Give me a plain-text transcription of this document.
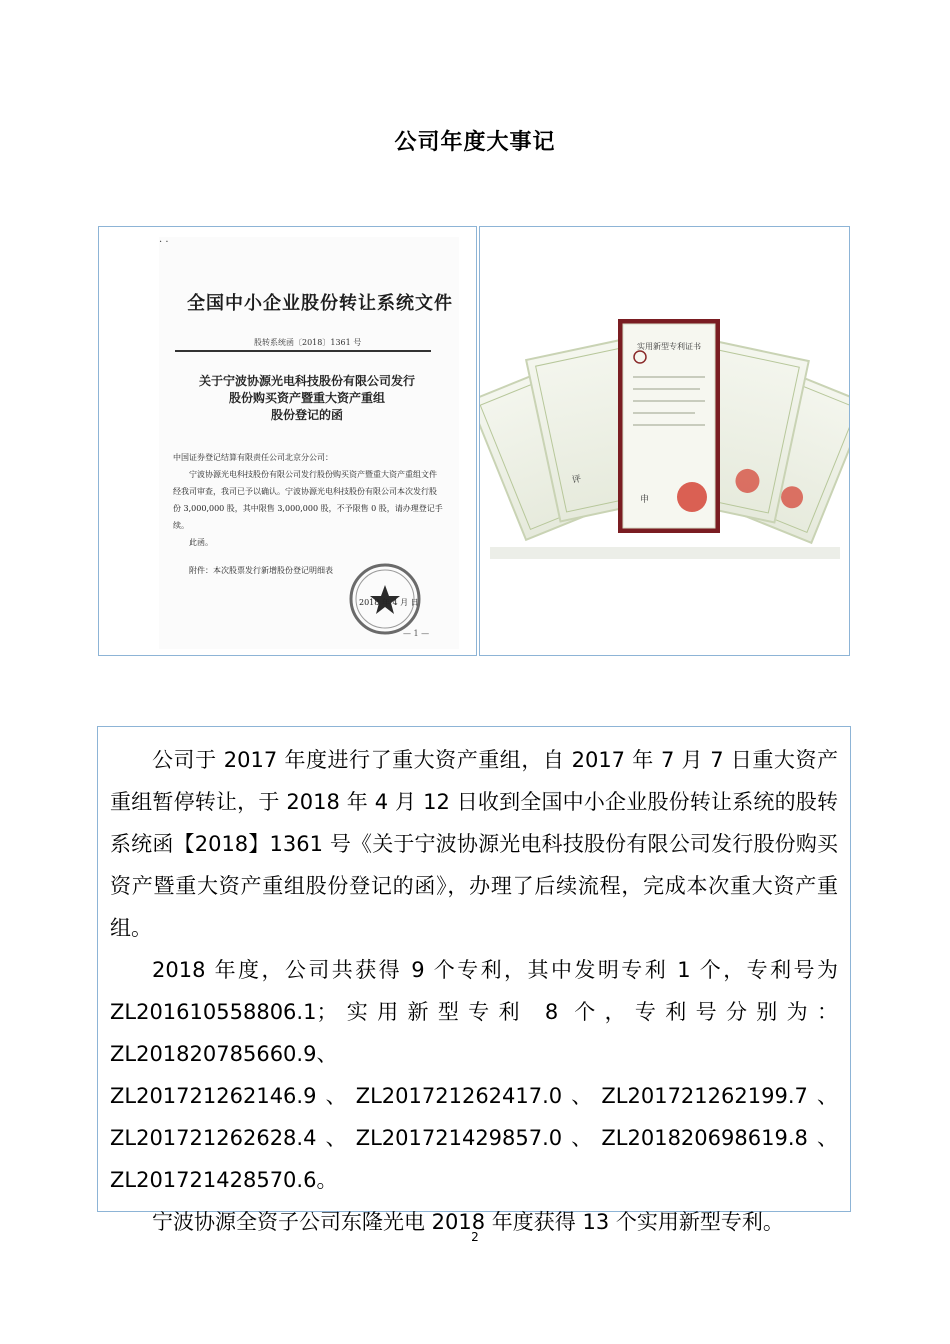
公司年度大事记
· ·
全国中小企业股份转让系统文件
股转系统函〔2018〕1361 号
关于宁波协源光电科技股份有限公司发行
股份购买资产暨重大资产重组
股份登记的函

中国证券登记结算有限责任公司北京分公司：

宁波协源光电科技股份有限公司发行股份购买资产暨重大资产重组文件经我司审查，我司已予以确认。宁波协源光电科技股份有限公司本次发行股份 3,000,000 股，其中限售 3,000,000 股，不予限售 0 股，请办理登记手续。

此函。

附件：本次股票发行新增股份登记明细表
2018 年 4 月 日
— 1 —
评
实用新型专利证书
申

公司于 2017 年度进行了重大资产重组，自 2017 年 7 月 7 日重大资产重组暂停转让，于 2018 年 4 月 12 日收到全国中小企业股份转让系统的股转系统函【2018】1361 号《关于宁波协源光电科技股份有限公司发行股份购买资产暨重大资产重组股份登记的函》，办理了后续流程，完成本次重大资产重组。

2018 年度，公司共获得 9 个专利，其中发明专利 1 个，专利号为 ZL201610558806.1；实用新型专利 8 个，专利号分别为：ZL201820785660.9、

ZL201721262146.9 、 ZL201721262417.0 、 ZL201721262199.7 、
ZL201721262628.4 、 ZL201721429857.0 、 ZL201820698619.8 、
ZL201721428570.6。

宁波协源全资子公司东隆光电 2018 年度获得 13 个实用新型专利。

2
